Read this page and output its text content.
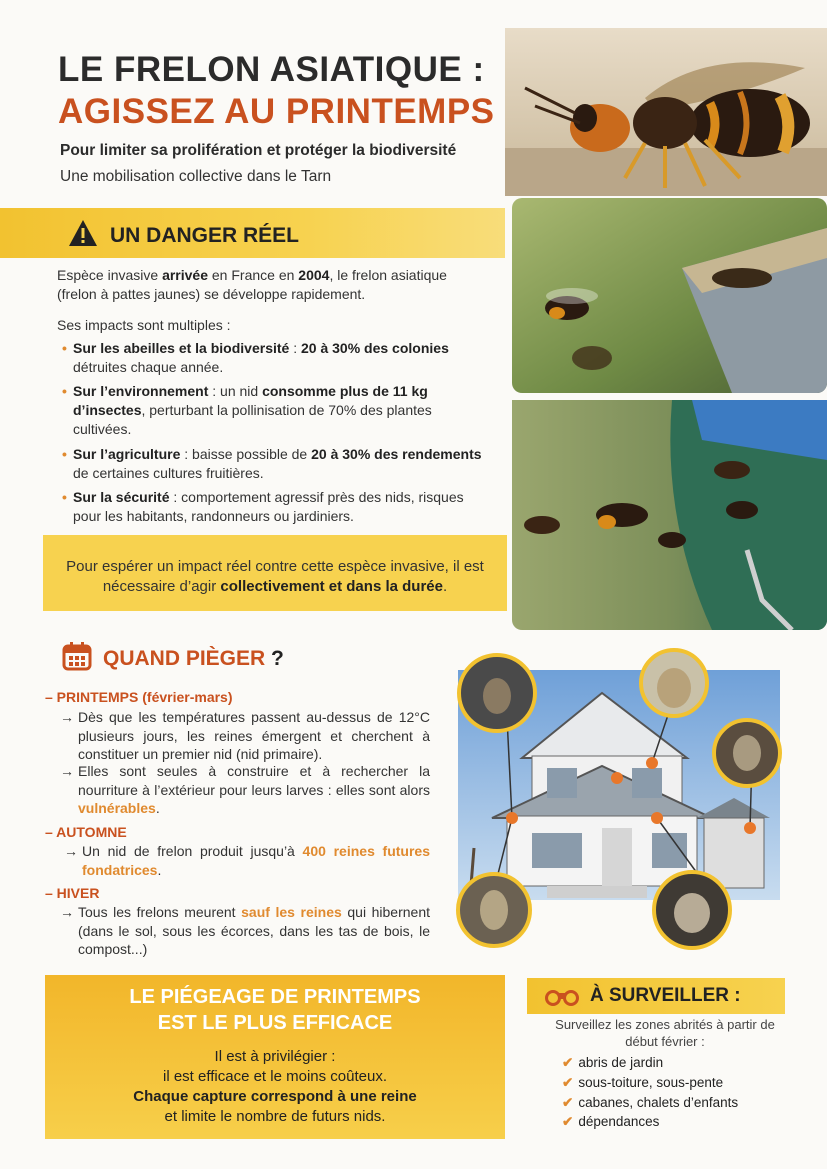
LE FRELON ASIATIQUE :
AGISSEZ AU PRINTEMPS
Pour limiter sa prolifération et protéger la biodiversité
Une mobilisation collective dans le Tarn
UN DANGER RÉEL
Espèce invasive arrivée en France en 2004, le frelon asiatique (frelon à pattes jaunes) se développe rapidement.
Ses impacts sont multiples :
• Sur les abeilles et la biodiversité : 20 à 30% des colonies détruites chaque année.
• Sur l’environnement : un nid consomme plus de 11 kg d’insectes, perturbant la pollinisation de 70% des plantes cultivées.
• Sur l’agriculture : baisse possible de 20 à 30% des rendements de certaines cultures fruitières.
• Sur la sécurité : comportement agressif près des nids, risques pour les habitants, randonneurs ou jardiniers.
Pour espérer un impact réel contre cette espèce invasive, il est nécessaire d’agir collectivement et dans la durée.
QUAND PIÈGER ?
– PRINTEMPS (février-mars)
→ Dès que les températures passent au-dessus de 12°C plusieurs jours, les reines émergent et cherchent à constituer un premier nid (nid primaire).
→ Elles sont seules à construire et à rechercher la nourriture à l’extérieur pour leurs larves : elles sont alors vulnérables.
– AUTOMNE
→ Un nid de frelon produit jusqu’à 400 reines futures fondatrices.
– HIVER
→ Tous les frelons meurent sauf les reines qui hibernent (dans le sol, sous les écorces, dans les tas de bois, le compost...)
LE PIÉGEAGE DE PRINTEMPS
EST LE PLUS EFFICACE
Il est à privilégier :
il est efficace et le moins coûteux.
Chaque capture correspond à une reine
et limite le nombre de futurs nids.
À SURVEILLER :
Surveillez les zones abrités à partir de début février :
✔ abris de jardin
✔ sous-toiture, sous-pente
✔ cabanes, chalets d’enfants
✔ dépendances
